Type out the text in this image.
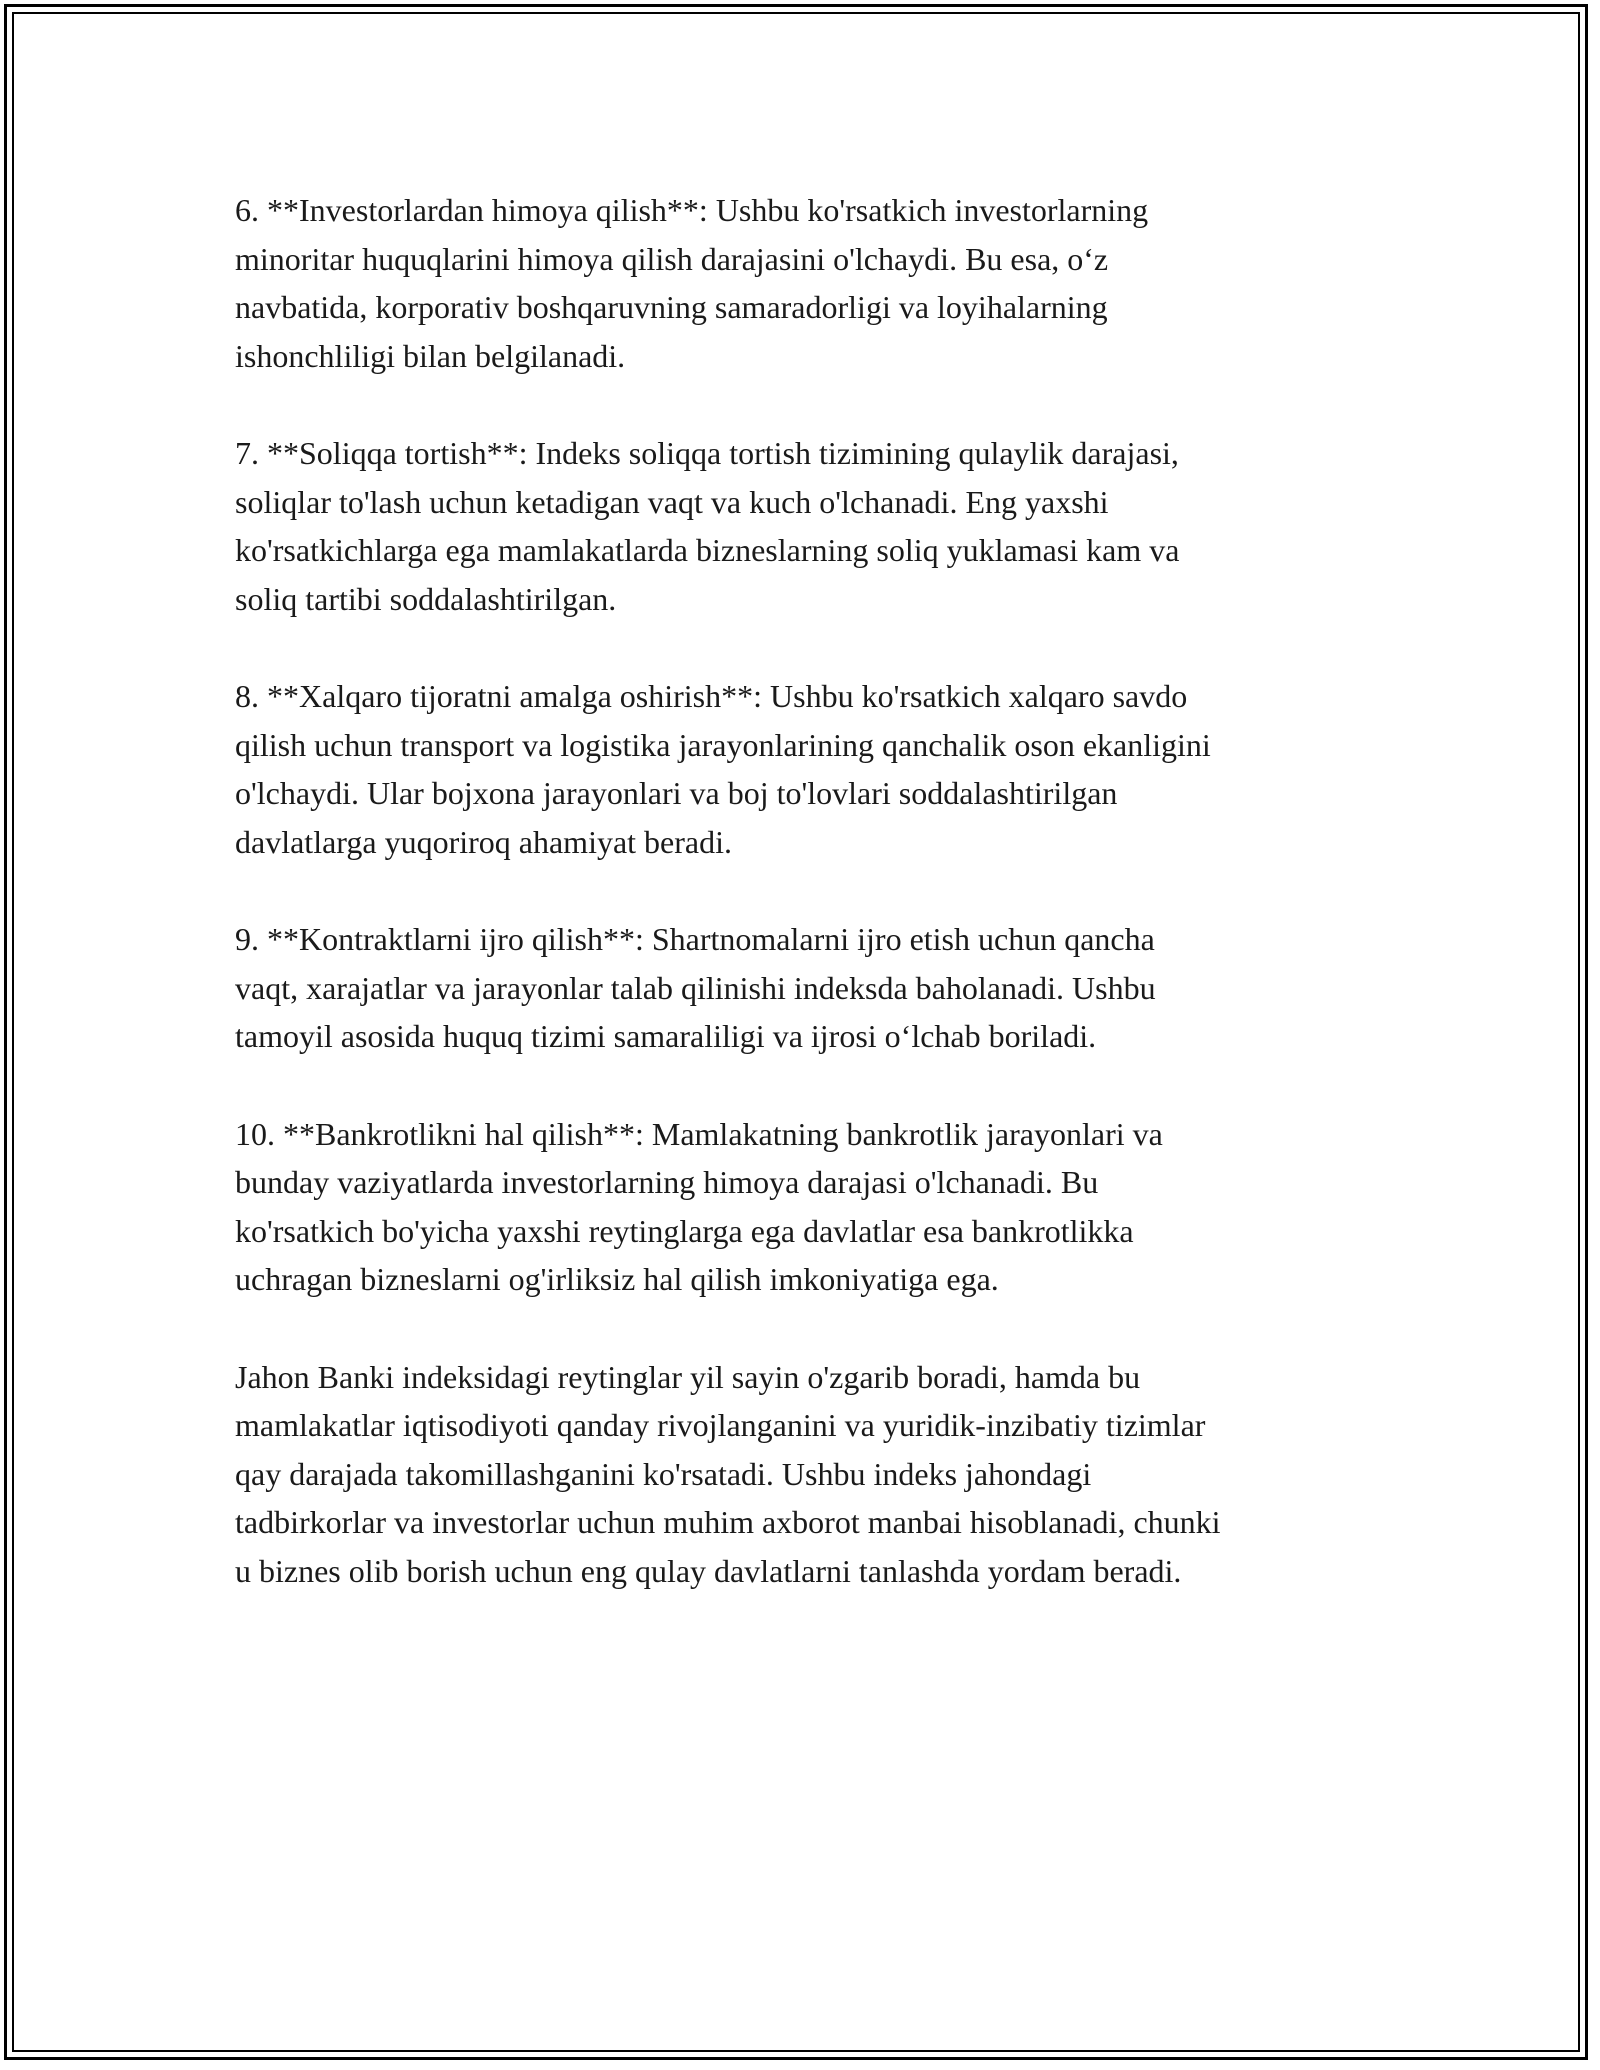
6. **Investorlardan himoya qilish**: Ushbu ko'rsatkich investorlarning
minoritar huquqlarini himoya qilish darajasini o'lchaydi. Bu esa, o‘z
navbatida, korporativ boshqaruvning samaradorligi va loyihalarning
ishonchliligi bilan belgilanadi.

7. **Soliqqa tortish**: Indeks soliqqa tortish tizimining qulaylik darajasi,
soliqlar to'lash uchun ketadigan vaqt va kuch o'lchanadi. Eng yaxshi
ko'rsatkichlarga ega mamlakatlarda bizneslarning soliq yuklamasi kam va
soliq tartibi soddalashtirilgan.

8. **Xalqaro tijoratni amalga oshirish**: Ushbu ko'rsatkich xalqaro savdo
qilish uchun transport va logistika jarayonlarining qanchalik oson ekanligini
o'lchaydi. Ular bojxona jarayonlari va boj to'lovlari soddalashtirilgan
davlatlarga yuqoriroq ahamiyat beradi.

9. **Kontraktlarni ijro qilish**: Shartnomalarni ijro etish uchun qancha
vaqt, xarajatlar va jarayonlar talab qilinishi indeksda baholanadi. Ushbu
tamoyil asosida huquq tizimi samaraliligi va ijrosi o‘lchab boriladi.

10. **Bankrotlikni hal qilish**: Mamlakatning bankrotlik jarayonlari va
bunday vaziyatlarda investorlarning himoya darajasi o'lchanadi. Bu
ko'rsatkich bo'yicha yaxshi reytinglarga ega davlatlar esa bankrotlikka
uchragan bizneslarni og'irliksiz hal qilish imkoniyatiga ega.

Jahon Banki indeksidagi reytinglar yil sayin o'zgarib boradi, hamda bu
mamlakatlar iqtisodiyoti qanday rivojlanganini va yuridik-inzibatiy tizimlar
qay darajada takomillashganini ko'rsatadi. Ushbu indeks jahondagi
tadbirkorlar va investorlar uchun muhim axborot manbai hisoblanadi, chunki
u biznes olib borish uchun eng qulay davlatlarni tanlashda yordam beradi.
